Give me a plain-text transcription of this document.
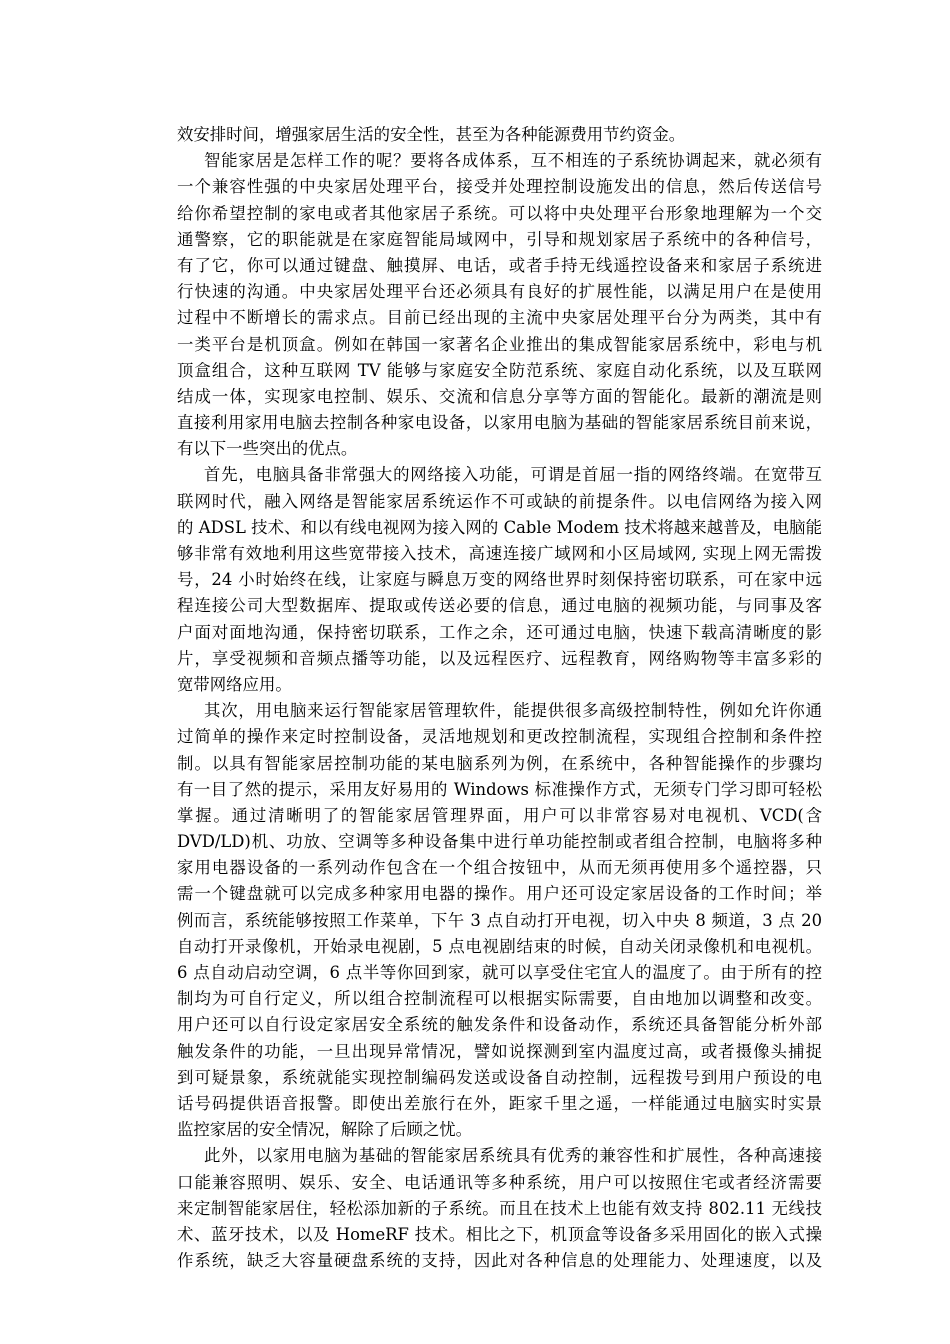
效安排时间，增强家居生活的安全性，甚至为各种能源费用节约资金。
智能家居是怎样工作的呢？要将各成体系，互不相连的子系统协调起来，就必须有
一个兼容性强的中央家居处理平台，接受并处理控制设施发出的信息，然后传送信号
给你希望控制的家电或者其他家居子系统。可以将中央处理平台形象地理解为一个交
通警察，它的职能就是在家庭智能局域网中，引导和规划家居子系统中的各种信号，
有了它，你可以通过键盘、触摸屏、电话，或者手持无线遥控设备来和家居子系统进
行快速的沟通。中央家居处理平台还必须具有良好的扩展性能，以满足用户在是使用
过程中不断增长的需求点。目前已经出现的主流中央家居处理平台分为两类，其中有
一类平台是机顶盒。例如在韩国一家著名企业推出的集成智能家居系统中，彩电与机
顶盒组合，这种互联网 TV 能够与家庭安全防范系统、家庭自动化系统，以及互联网
结成一体，实现家电控制、娱乐、交流和信息分享等方面的智能化。最新的潮流是则
直接利用家用电脑去控制各种家电设备，以家用电脑为基础的智能家居系统目前来说，
有以下一些突出的优点。
首先，电脑具备非常强大的网络接入功能，可谓是首屈一指的网络终端。在宽带互
联网时代，融入网络是智能家居系统运作不可或缺的前提条件。以电信网络为接入网
的 ADSL 技术、和以有线电视网为接入网的 Cable Modem 技术将越来越普及，电脑能
够非常有效地利用这些宽带接入技术，高速连接广域网和小区局域网, 实现上网无需拨
号，24 小时始终在线，让家庭与瞬息万变的网络世界时刻保持密切联系，可在家中远
程连接公司大型数据库、提取或传送必要的信息，通过电脑的视频功能，与同事及客
户面对面地沟通，保持密切联系，工作之余，还可通过电脑，快速下载高清晰度的影
片，享受视频和音频点播等功能，以及远程医疗、远程教育，网络购物等丰富多彩的
宽带网络应用。
其次，用电脑来运行智能家居管理软件，能提供很多高级控制特性，例如允许你通
过简单的操作来定时控制设备，灵活地规划和更改控制流程，实现组合控制和条件控
制。以具有智能家居控制功能的某电脑系列为例，在系统中，各种智能操作的步骤均
有一目了然的提示，采用友好易用的 Windows 标准操作方式，无须专门学习即可轻松
掌握。通过清晰明了的智能家居管理界面，用户可以非常容易对电视机、VCD(含
DVD/LD)机、功放、空调等多种设备集中进行单功能控制或者组合控制，电脑将多种
家用电器设备的一系列动作包含在一个组合按钮中，从而无须再使用多个遥控器，只
需一个键盘就可以完成多种家用电器的操作。用户还可设定家居设备的工作时间；举
例而言，系统能够按照工作菜单，下午 3 点自动打开电视，切入中央 8 频道，3 点 20
自动打开录像机，开始录电视剧，5 点电视剧结束的时候，自动关闭录像机和电视机。
6 点自动启动空调，6 点半等你回到家，就可以享受住宅宜人的温度了。由于所有的控
制均为可自行定义，所以组合控制流程可以根据实际需要，自由地加以调整和改变。
用户还可以自行设定家居安全系统的触发条件和设备动作，系统还具备智能分析外部
触发条件的功能，一旦出现异常情况，譬如说探测到室内温度过高，或者摄像头捕捉
到可疑景象，系统就能实现控制编码发送或设备自动控制，远程拨号到用户预设的电
话号码提供语音报警。即使出差旅行在外，距家千里之遥，一样能通过电脑实时实景
监控家居的安全情况，解除了后顾之忧。
此外，以家用电脑为基础的智能家居系统具有优秀的兼容性和扩展性，各种高速接
口能兼容照明、娱乐、安全、电话通讯等多种系统，用户可以按照住宅或者经济需要
来定制智能家居住，轻松添加新的子系统。而且在技术上也能有效支持 802.11 无线技
术、蓝牙技术，以及 HomeRF 技术。相比之下，机顶盒等设备多采用固化的嵌入式操
作系统，缺乏大容量硬盘系统的支持，因此对各种信息的处理能力、处理速度，以及
